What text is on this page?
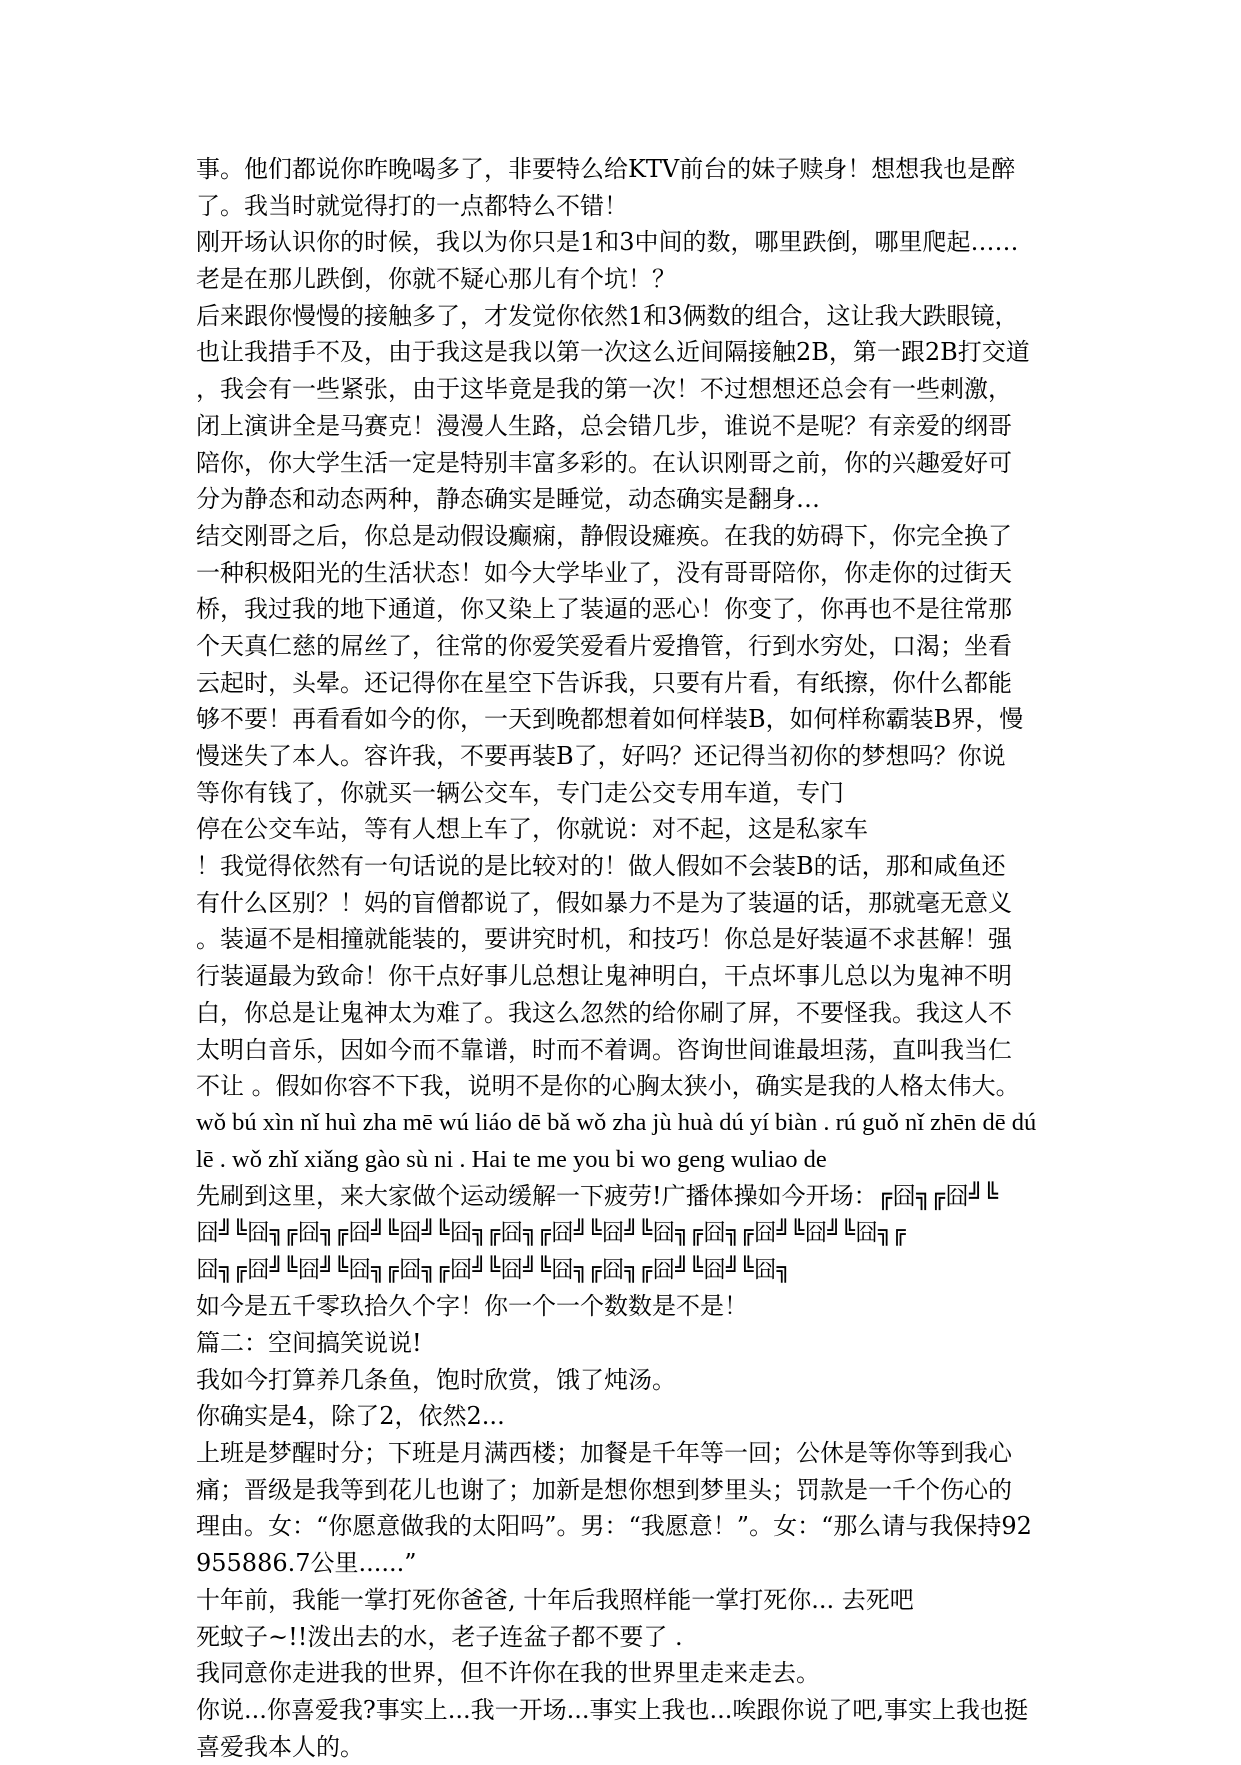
事。他们都说你昨晚喝多了，非要特么给KTV前台的妹子赎身！想想我也是醉
了。我当时就觉得打的一点都特么不错！
刚开场认识你的时候，我以为你只是1和3中间的数，哪里跌倒，哪里爬起……
老是在那儿跌倒，你就不疑心那儿有个坑！？
后来跟你慢慢的接触多了，才发觉你依然1和3俩数的组合，这让我大跌眼镜，
也让我措手不及，由于我这是我以第一次这么近间隔接触2B，第一跟2B打交道
，我会有一些紧张，由于这毕竟是我的第一次！不过想想还总会有一些刺激，
闭上演讲全是马赛克！漫漫人生路，总会错几步，谁说不是呢？有亲爱的纲哥
陪你，你大学生活一定是特别丰富多彩的。在认识刚哥之前，你的兴趣爱好可
分为静态和动态两种，静态确实是睡觉，动态确实是翻身…
结交刚哥之后，你总是动假设癫痫，静假设瘫痪。在我的妨碍下，你完全换了
一种积极阳光的生活状态！如今大学毕业了，没有哥哥陪你，你走你的过街天
桥，我过我的地下通道，你又染上了装逼的恶心！你变了，你再也不是往常那
个天真仁慈的屌丝了，往常的你爱笑爱看片爱撸管，行到水穷处，口渴；坐看
云起时，头晕。还记得你在星空下告诉我，只要有片看，有纸擦，你什么都能
够不要！再看看如今的你，一天到晚都想着如何样装B，如何样称霸装B界，慢
慢迷失了本人。容许我，不要再装B了，好吗？还记得当初你的梦想吗？你说
等你有钱了，你就买一辆公交车，专门走公交专用车道，专门
停在公交车站，等有人想上车了，你就说：对不起，这是私家车
！我觉得依然有一句话说的是比较对的！做人假如不会装B的话，那和咸鱼还
有什么区别？！妈的盲僧都说了，假如暴力不是为了装逼的话，那就毫无意义
。装逼不是相撞就能装的，要讲究时机，和技巧！你总是好装逼不求甚解！强
行装逼最为致命！你干点好事儿总想让鬼神明白，干点坏事儿总以为鬼神不明
白，你总是让鬼神太为难了。我这么忽然的给你刷了屏，不要怪我。我这人不
太明白音乐，因如今而不靠谱，时而不着调。咨询世间谁最坦荡，直叫我当仁
不让 。假如你容不下我，说明不是你的心胸太狭小，确实是我的人格太伟大。
wǒ bú xìn nǐ huì zha mē wú liáo dē bǎ wǒ zha jù huà dú yí biàn . rú guǒ nǐ zhēn dē dú
lē . wǒ zhǐ xiǎng gào sù ni . Hai te me you bi wo geng wuliao de
先刷到这里，来大家做个运动缓解一下疲劳!广播体操如今开场：╔囧╗╔囧╝╚
囧╝╚囧╗╔囧╗╔囧╝╚囧╝╚囧╗╔囧╗╔囧╝╚囧╝╚囧╗╔囧╗╔囧╝╚囧╝╚囧╗╔
囧╗╔囧╝╚囧╝╚囧╗╔囧╗╔囧╝╚囧╝╚囧╗╔囧╗╔囧╝╚囧╝╚囧╗
如今是五千零玖拾久个字！你一个一个数数是不是！
篇二：空间搞笑说说!
我如今打算养几条鱼，饱时欣赏，饿了炖汤。
你确实是4，除了2，依然2...
上班是梦醒时分；下班是月满西楼；加餐是千年等一回；公休是等你等到我心
痛；晋级是我等到花儿也谢了；加新是想你想到梦里头；罚款是一千个伤心的
理由。女：“你愿意做我的太阳吗”。男：“我愿意！”。女：“那么请与我保持92
955886.7公里......”
十年前，我能一掌打死你爸爸, 十年后我照样能一掌打死你... 去死吧
死蚊子~!!泼出去的水，老子连盆子都不要了 .
我同意你走进我的世界，但不许你在我的世界里走来走去。
你说...你喜爱我?事实上...我一开场...事实上我也...唉跟你说了吧,事实上我也挺
喜爱我本人的。
